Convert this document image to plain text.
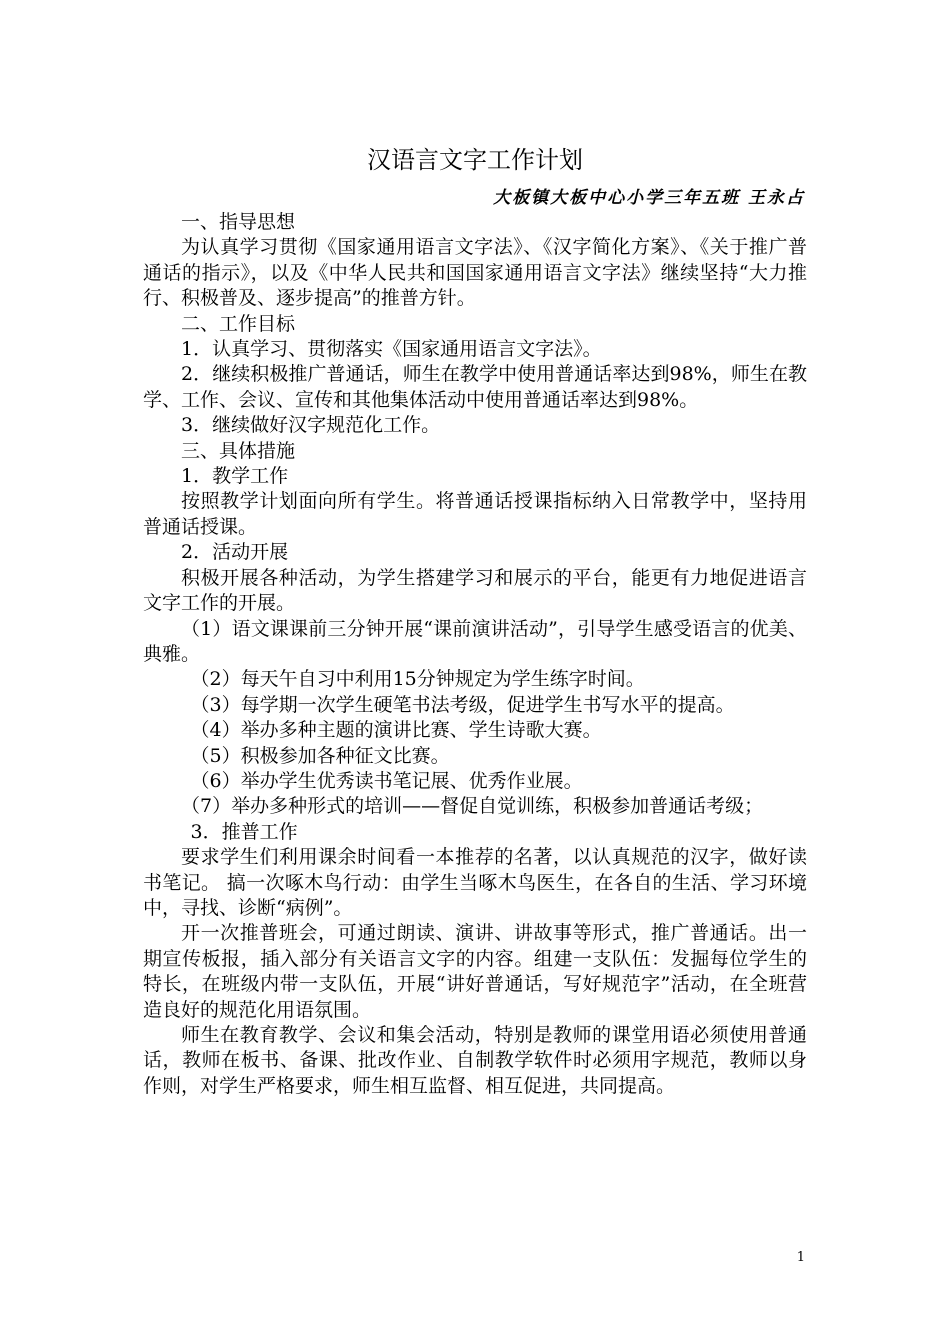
汉语言文字工作计划
大板镇大板中心小学三年五班 王永占

一、指导思想

为认真学习贯彻《国家通用语言文字法》、《汉字简化方案》、《关于推广普通话的指示》，以及《中华人民共和国国家通用语言文字法》继续坚持“大力推行、积极普及、逐步提高”的推普方针。

二、工作目标

1．认真学习、贯彻落实《国家通用语言文字法》。

2．继续积极推广普通话，师生在教学中使用普通话率达到98%，师生在教学、工作、会议、宣传和其他集体活动中使用普通话率达到98%。

3．继续做好汉字规范化工作。

三、具体措施

1．教学工作

按照教学计划面向所有学生。将普通话授课指标纳入日常教学中，坚持用普通话授课。

2．活动开展

积极开展各种活动，为学生搭建学习和展示的平台，能更有力地促进语言文字工作的开展。

（1）语文课课前三分钟开展“课前演讲活动”，引导学生感受语言的优美、典雅。

（2）每天午自习中利用15分钟规定为学生练字时间。

（3）每学期一次学生硬笔书法考级，促进学生书写水平的提高。

（4）举办多种主题的演讲比赛、学生诗歌大赛。

（5）积极参加各种征文比赛。

（6）举办学生优秀读书笔记展、优秀作业展。

（7）举办多种形式的培训——督促自觉训练，积极参加普通话考级；

3．推普工作

要求学生们利用课余时间看一本推荐的名著，以认真规范的汉字，做好读书笔记。 搞一次啄木鸟行动：由学生当啄木鸟医生，在各自的生活、学习环境中，寻找、诊断“病例”。

开一次推普班会，可通过朗读、演讲、讲故事等形式，推广普通话。出一期宣传板报，插入部分有关语言文字的内容。组建一支队伍：发掘每位学生的特长，在班级内带一支队伍，开展“讲好普通话，写好规范字”活动，在全班营造良好的规范化用语氛围。

师生在教育教学、会议和集会活动，特别是教师的课堂用语必须使用普通话，教师在板书、备课、批改作业、自制教学软件时必须用字规范，教师以身作则，对学生严格要求，师生相互监督、相互促进，共同提高。

1
